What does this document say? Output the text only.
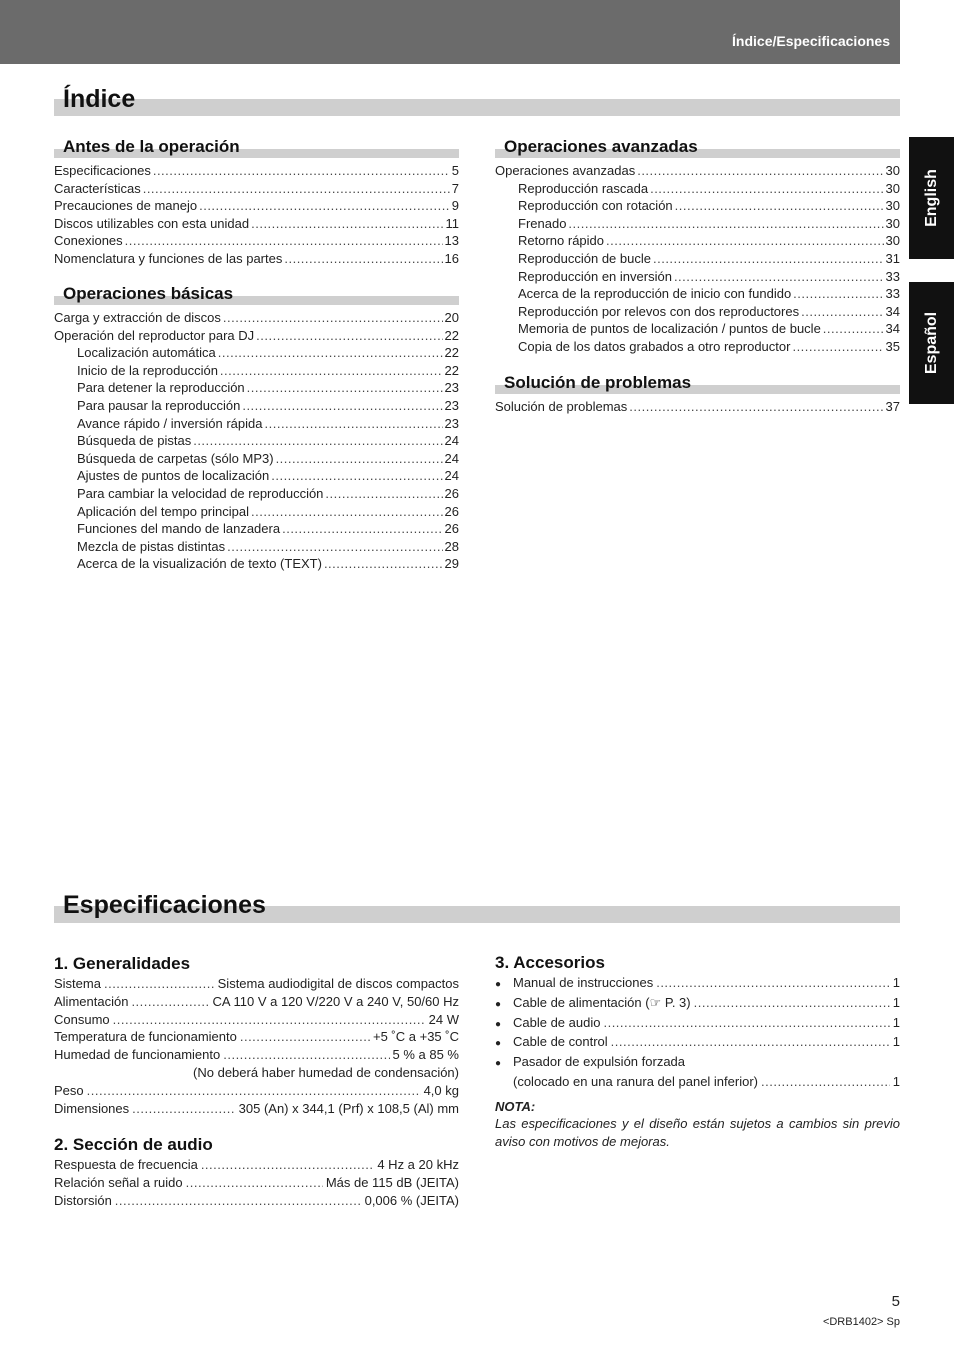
Índice/Especificaciones
English
Español
Índice
Antes de la operación
Especificaciones .....	5
Características .....	7
Precauciones de manejo .....	9
Discos utilizables con esta unidad .....	11
Conexiones .....	13
Nomenclatura y funciones de las partes .....	16
Operaciones básicas
Carga y extracción de discos .....	20
Operación del reproductor para DJ .....	22
Localización automática .....	22
Inicio de la reproducción .....	22
Para detener la reproducción .....	23
Para pausar la reproducción .....	23
Avance rápido / inversión rápida .....	23
Búsqueda de pistas .....	24
Búsqueda de carpetas (sólo MP3) .....	24
Ajustes de puntos de localización .....	24
Para cambiar la velocidad de reproducción .....	26
Aplicación del tempo principal .....	26
Funciones del mando de lanzadera .....	26
Mezcla de pistas distintas .....	28
Acerca de la visualización de texto (TEXT) .....	29
Operaciones avanzadas
Operaciones avanzadas .....	30
Reproducción rascada .....	30
Reproducción con rotación .....	30
Frenado .....	30
Retorno rápido .....	30
Reproducción de bucle .....	31
Reproducción en inversión .....	33
Acerca de la reproducción de inicio con fundido .....	33
Reproducción por relevos con dos reproductores .....	34
Memoria de puntos de localización / puntos de bucle .....	34
Copia de los datos grabados a otro reproductor .....	35
Solución de problemas
Solución de problemas .....	37
Especificaciones
1. Generalidades
Sistema .....	Sistema audiodigital de discos compactos
Alimentación .....	CA 110 V a 120 V/220 V a 240 V, 50/60 Hz
Consumo .....	24 W
Temperatura de funcionamiento .....	+5 ˚C a +35 ˚C
Humedad de funcionamiento .....	5 % a 85 %
(No deberá haber humedad de condensación)
Peso .....	4,0 kg
Dimensiones .....	305 (An) x 344,1 (Prf) x 108,5 (Al) mm
2. Sección de audio
Respuesta de frecuencia .....	4 Hz a 20 kHz
Relación señal a ruido .....	Más de 115 dB (JEITA)
Distorsión .....	0,006 % (JEITA)
3. Accesorios
● Manual de instrucciones .....	1
● Cable de alimentación (☞ P. 3) .....	1
● Cable de audio .....	1
● Cable de control .....	1
● Pasador de expulsión forzada
(colocado en una ranura del panel inferior) .....	1
NOTA:
Las especificaciones y el diseño están sujetos a cambios sin previo aviso con motivos de mejoras.
5
<DRB1402> Sp
